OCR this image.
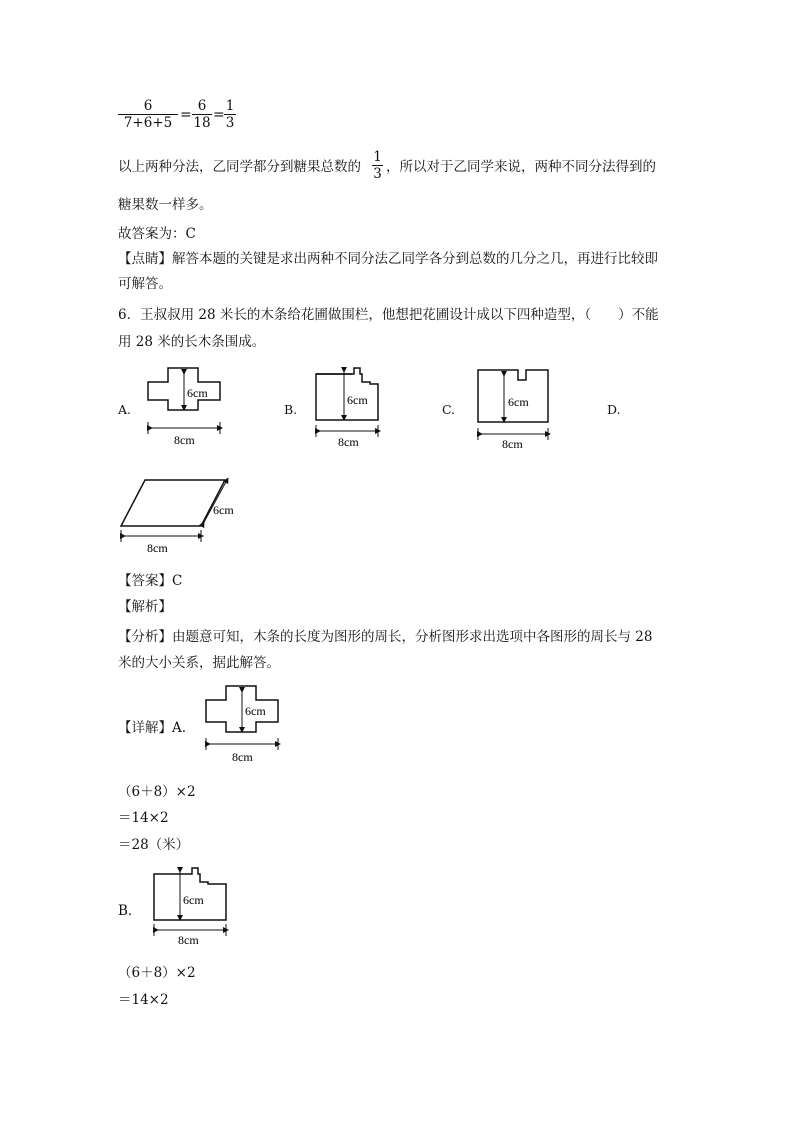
6
7+6+5 =
6
18 =
1
3
以上两种分法，乙同学都分到糖果总数的
1
3 ，所以对于乙同学来说，两种不同分法得到的
糖果数一样多。
故答案为：C
【点睛】解答本题的关键是求出两种不同分法乙同学各分到总数的几分之几，再进行比较即
可解答。
6．王叔叔用 28 米长的木条给花圃做围栏，他想把花圃设计成以下四种造型，（　　）不能
用 28 米的长木条围成。
A.	B.	C.	D.
6cm
8cm
6cm
8cm
6cm
8cm
6cm
8cm
【答案】C
【解析】
【分析】由题意可知，木条的长度为图形的周长，分析图形求出选项中各图形的周长与 28
米的大小关系，据此解答。
【详解】A.
6cm
8cm
（6＋8）×2
＝14×2
＝28（米）
B．
6cm
8cm
（6＋8）×2
＝14×2
